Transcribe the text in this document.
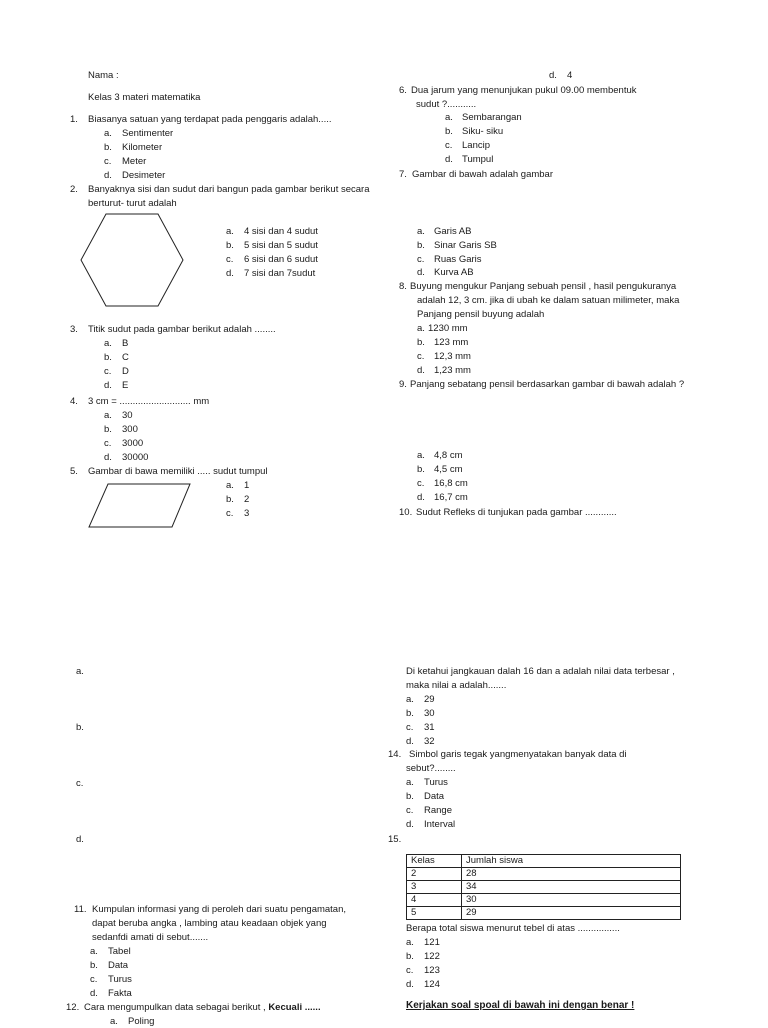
Nama :
Kelas 3 materi matematika
1. Biasanya satuan yang terdapat pada penggaris adalah.....
a. Sentimenter
b. Kilometer
c. Meter
d. Desimeter
2. Banyaknya sisi dan sudut dari bangun pada gambar berikut secara
berturut- turut adalah
a. 4 sisi dan 4 sudut
b. 5 sisi dan 5 sudut
c. 6 sisi dan 6 sudut
d. 7 sisi dan 7sudut
3. Titik sudut pada gambar berikut adalah ........
a. B
b. C
c. D
d. E
4. 3 cm = ........................... mm
a. 30
b. 300
c. 3000
d. 30000
5. Gambar di bawa memiliki ..... sudut tumpul
a. 1
b. 2
c. 3
a.
b.
c.
d.
11. Kumpulan informasi yang di peroleh dari suatu pengamatan,
dapat beruba angka , lambing atau keadaan objek yang
sedanfdi amati di sebut.......
a. Tabel
b. Data
c. Turus
d. Fakta
12. Cara mengumpulkan data sebagai berikut , Kecuali ......
a. Poling
d. 4
6. Dua jarum yang menunjukan pukul 09.00 membentuk
sudut ?...........
a. Sembarangan
b. Siku- siku
c. Lancip
d. Tumpul
7. Gambar di bawah adalah gambar
a. Garis AB
b. Sinar Garis SB
c. Ruas Garis
d. Kurva AB
8. Buyung mengukur Panjang sebuah pensil , hasil pengukuranya
adalah 12, 3 cm. jika di ubah ke dalam satuan milimeter, maka
Panjang pensil buyung adalah
a. 1230 mm
b. 123 mm
c. 12,3 mm
d. 1,23 mm
9. Panjang sebatang pensil berdasarkan gambar di bawah adalah ?
a. 4,8 cm
b. 4,5 cm
c. 16,8 cm
d. 16,7 cm
10. Sudut Refleks di tunjukan pada gambar ............
Di ketahui jangkauan dalah 16 dan a adalah nilai data terbesar ,
maka nilai a adalah.......
a. 29
b. 30
c. 31
d. 32
14. Simbol garis tegak yangmenyatakan banyak data di
sebut?........
a. Turus
b. Data
c. Range
d. Interval
15.
Kelas	Jumlah siswa
2	28
3	34
4	30
5	29
Berapa total siswa menurut tebel di atas ................
a. 121
b. 122
c. 123
d. 124
Kerjakan soal spoal di bawah ini dengan benar !
